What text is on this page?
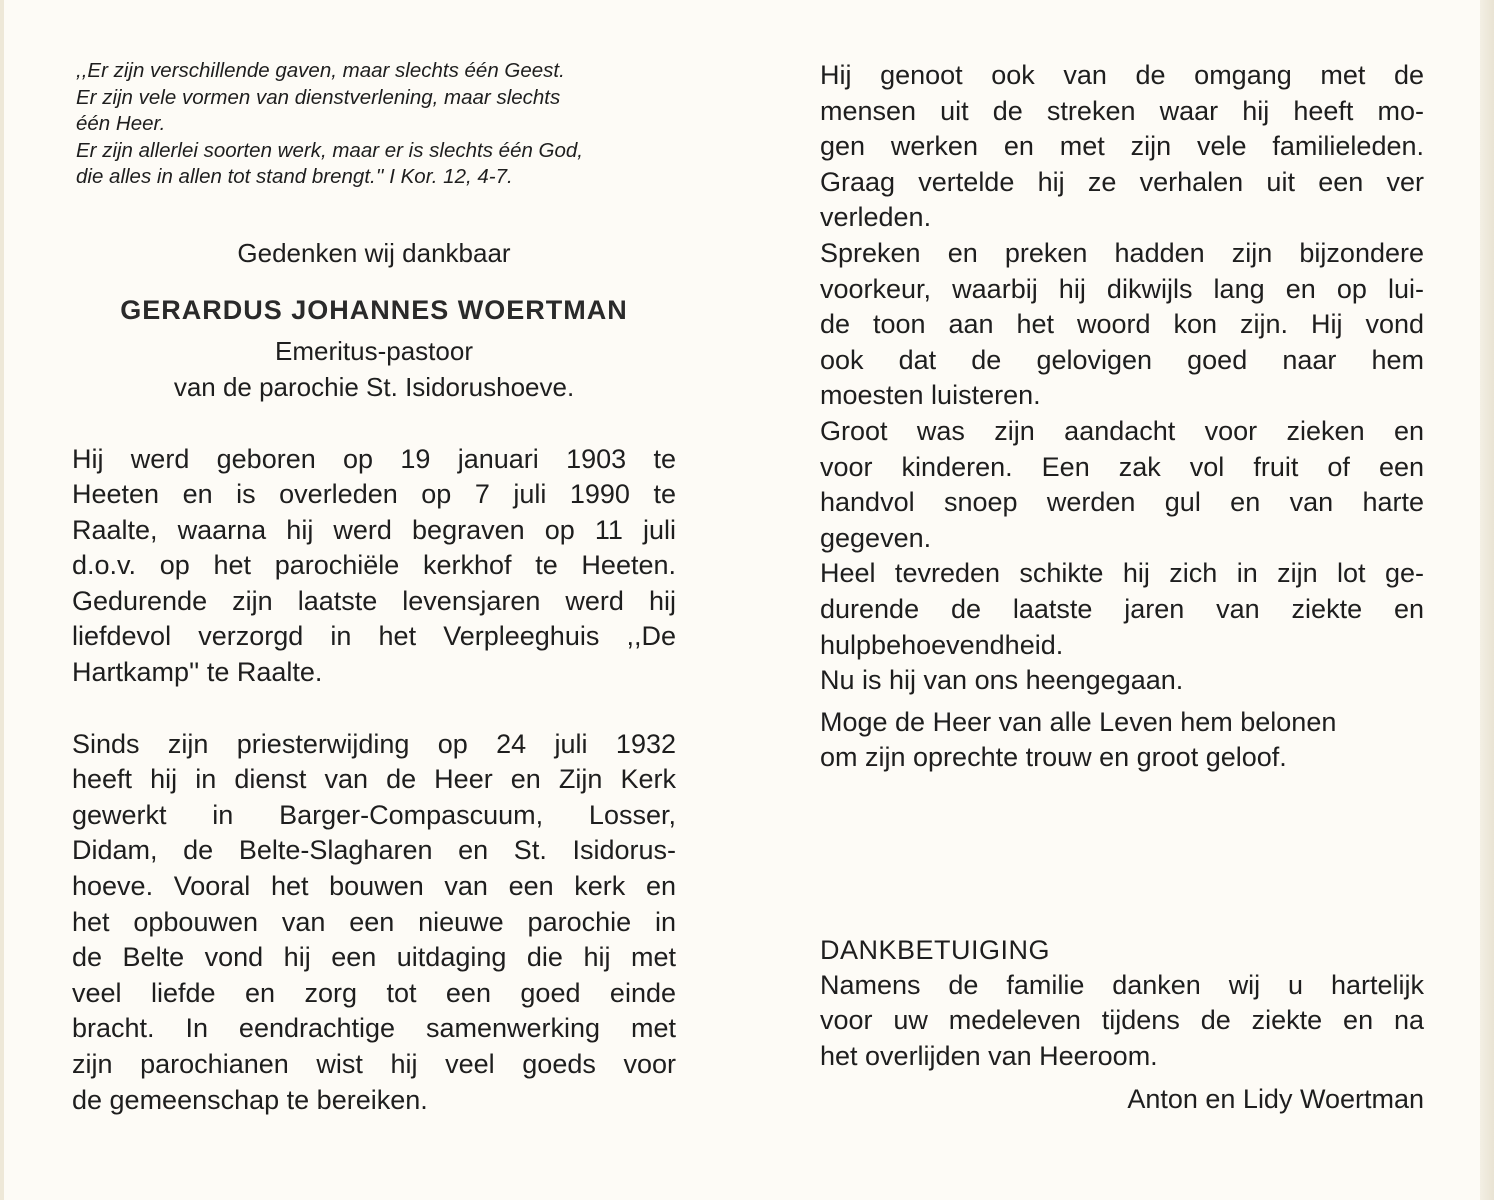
,,Er zijn verschillende gaven, maar slechts één Geest.
Er zijn vele vormen van dienstverlening, maar slechts
één Heer.
Er zijn allerlei soorten werk, maar er is slechts één God,
die alles in allen tot stand brengt.'' I Kor. 12, 4-7.
Gedenken wij dankbaar
GERARDUS JOHANNES WOERTMAN
Emeritus-pastoor
van de parochie St. Isidorushoeve.
Hij werd geboren op 19 januari 1903 te
Heeten en is overleden op 7 juli 1990 te
Raalte, waarna hij werd begraven op 11 juli
d.o.v. op het parochiële kerkhof te Heeten.
Gedurende zijn laatste levensjaren werd hij
liefdevol verzorgd in het Verpleeghuis ,,De
Hartkamp'' te Raalte.
Sinds zijn priesterwijding op 24 juli 1932
heeft hij in dienst van de Heer en Zijn Kerk
gewerkt in Barger-Compascuum, Losser,
Didam, de Belte-Slagharen en St. Isidorus-
hoeve. Vooral het bouwen van een kerk en
het opbouwen van een nieuwe parochie in
de Belte vond hij een uitdaging die hij met
veel liefde en zorg tot een goed einde
bracht. In eendrachtige samenwerking met
zijn parochianen wist hij veel goeds voor
de gemeenschap te bereiken.
Hij genoot ook van de omgang met de
mensen uit de streken waar hij heeft mo-
gen werken en met zijn vele familieleden.
Graag vertelde hij ze verhalen uit een ver
verleden.
Spreken en preken hadden zijn bijzondere
voorkeur, waarbij hij dikwijls lang en op lui-
de toon aan het woord kon zijn. Hij vond
ook dat de gelovigen goed naar hem
moesten luisteren.
Groot was zijn aandacht voor zieken en
voor kinderen. Een zak vol fruit of een
handvol snoep werden gul en van harte
gegeven.
Heel tevreden schikte hij zich in zijn lot ge-
durende de laatste jaren van ziekte en
hulpbehoevendheid.
Nu is hij van ons heengegaan.
Moge de Heer van alle Leven hem belonen
om zijn oprechte trouw en groot geloof.
DANKBETUIGING
Namens de familie danken wij u hartelijk
voor uw medeleven tijdens de ziekte en na
het overlijden van Heeroom.
Anton en Lidy Woertman
